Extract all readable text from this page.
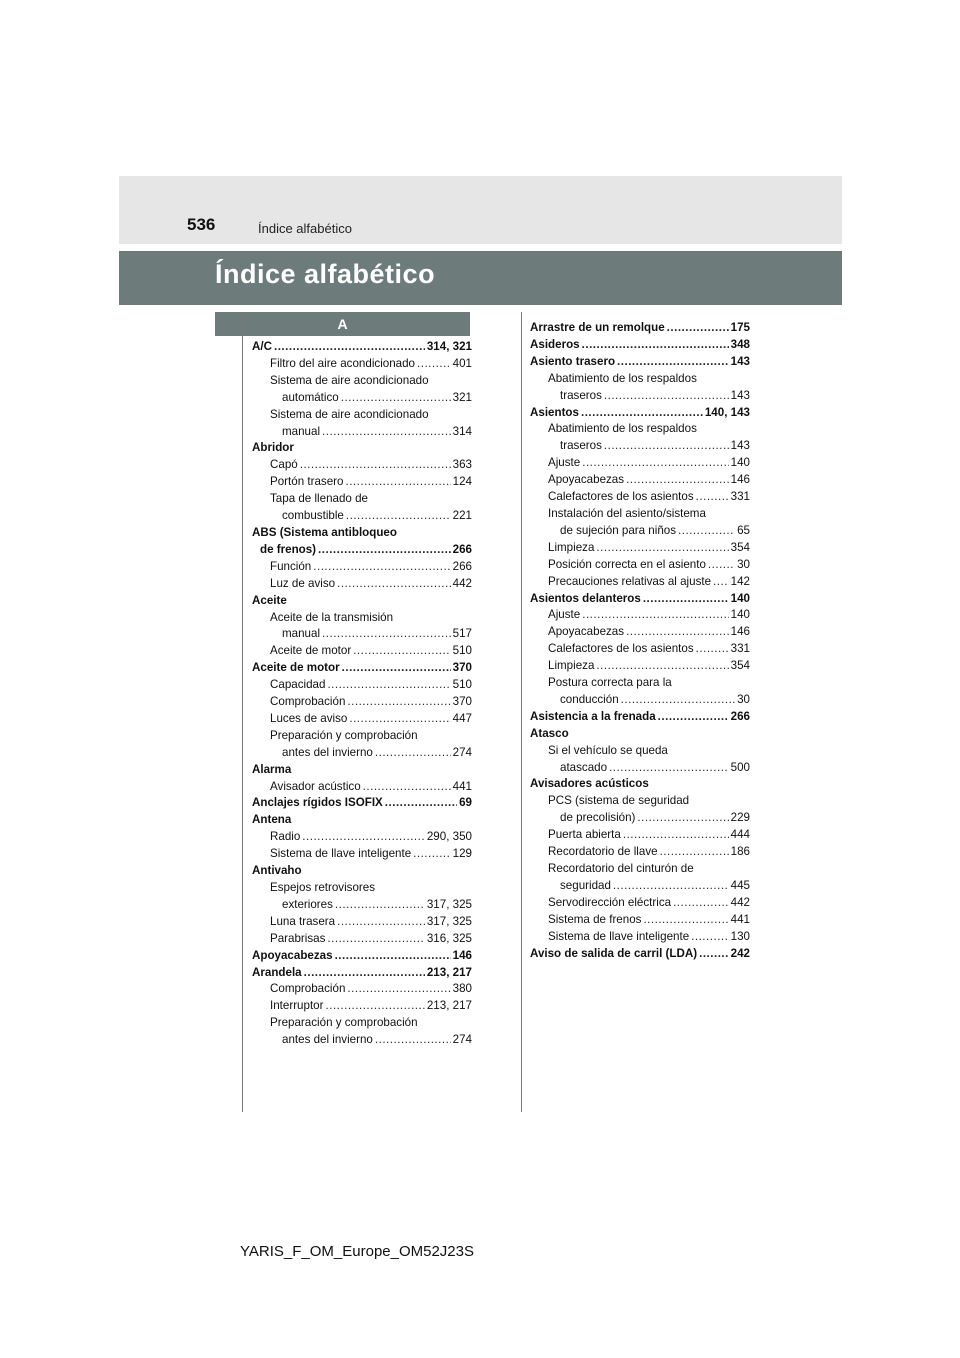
536	Índice alfabético
Índice alfabético
A
A/C .....	314, 321
Filtro del aire acondicionado .....	401
Sistema de aire acondicionado
automático .....	321
Sistema de aire acondicionado
manual .....	314
Abridor
Capó .....	363
Portón trasero .....	124
Tapa de llenado de
combustible .....	221
ABS (Sistema antibloqueo
de frenos) .....	266
Función .....	266
Luz de aviso .....	442
Aceite
Aceite de la transmisión
manual .....	517
Aceite de motor .....	510
Aceite de motor .....	370
Capacidad .....	510
Comprobación .....	370
Luces de aviso .....	447
Preparación y comprobación
antes del invierno .....	274
Alarma
Avisador acústico .....	441
Anclajes rígidos ISOFIX .....	69
Antena
Radio .....	290, 350
Sistema de llave inteligente .....	129
Antivaho
Espejos retrovisores
exteriores .....	317, 325
Luna trasera .....	317, 325
Parabrisas .....	316, 325
Apoyacabezas .....	146
Arandela .....	213, 217
Comprobación .....	380
Interruptor .....	213, 217
Preparación y comprobación
antes del invierno .....	274
Arrastre de un remolque .....	175
Asideros .....	348
Asiento trasero .....	143
Abatimiento de los respaldos
traseros .....	143
Asientos .....	140, 143
Abatimiento de los respaldos
traseros .....	143
Ajuste .....	140
Apoyacabezas .....	146
Calefactores de los asientos .....	331
Instalación del asiento/sistema
de sujeción para niños .....	65
Limpieza .....	354
Posición correcta en el asiento .....	30
Precauciones relativas al ajuste ..... 142
Asientos delanteros .....	140
Ajuste .....	140
Apoyacabezas .....	146
Calefactores de los asientos .....	331
Limpieza .....	354
Postura correcta para la
conducción .....	30
Asistencia a la frenada .....	266
Atasco
Si el vehículo se queda
atascado .....	500
Avisadores acústicos
PCS (sistema de seguridad
de precolisión) .....	229
Puerta abierta .....	444
Recordatorio de llave .....	186
Recordatorio del cinturón de
seguridad .....	445
Servodirección eléctrica .....	442
Sistema de frenos .....	441
Sistema de llave inteligente .....	130
Aviso de salida de carril (LDA) .....	242
YARIS_F_OM_Europe_OM52J23S
